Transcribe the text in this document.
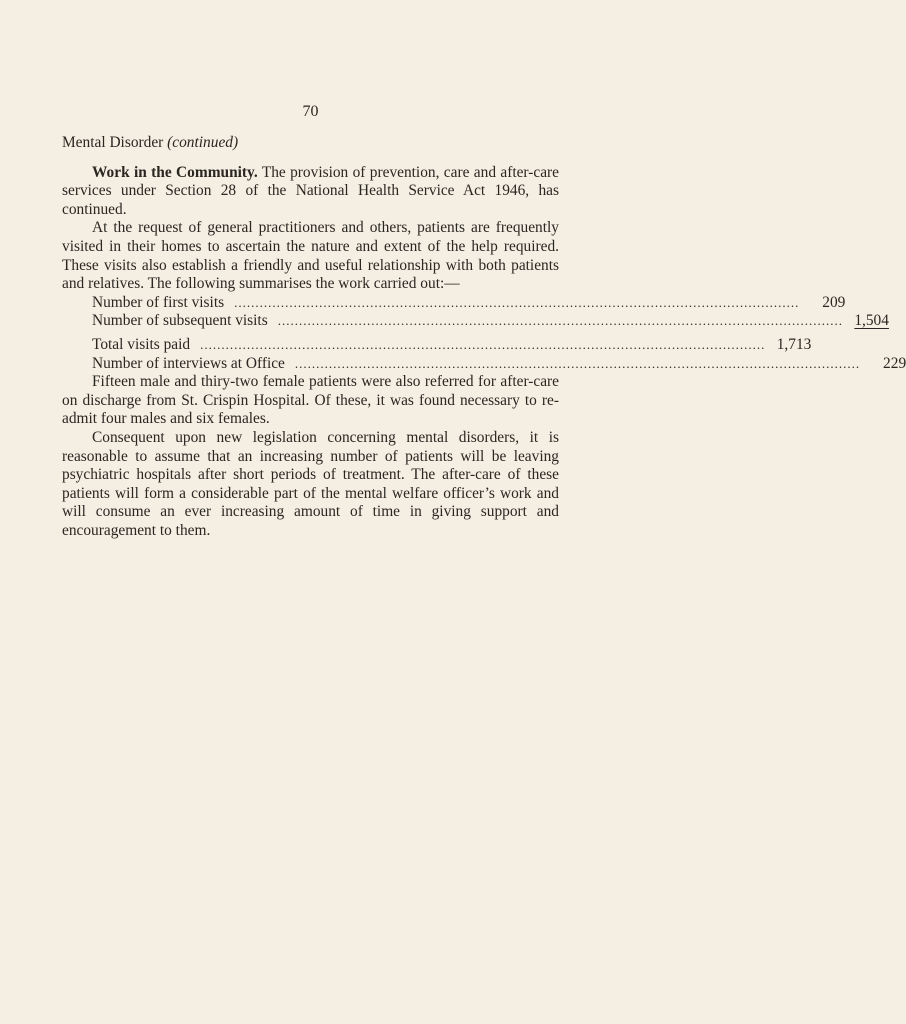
70
Mental Disorder (continued)

Work in the Community. The provision of prevention, care and after-care services under Section 28 of the National Health Service Act 1946, has continued.

At the request of general practitioners and others, patients are frequently visited in their homes to ascertain the nature and extent of the help required. These visits also establish a friendly and useful relationship with both patients and relatives. The following summarises the work carried out:—

Number of first visits .....................................................................................................................................	209
Number of subsequent visits ..................................................................................................................................... 1,504
Total visits paid ..................................................................................................................................... 1,713
Number of interviews at Office .....................................................................................................................................	229

Fifteen male and thiry-two female patients were also referred for after-care on discharge from St. Crispin Hospital. Of these, it was found necessary to re-admit four males and six females.

Consequent upon new legislation concerning mental disorders, it is reasonable to assume that an increasing number of patients will be leaving psychiatric hospitals after short periods of treatment. The after-care of these patients will form a considerable part of the mental welfare officer’s work and will consume an ever increasing amount of time in giving support and encouragement to them.
